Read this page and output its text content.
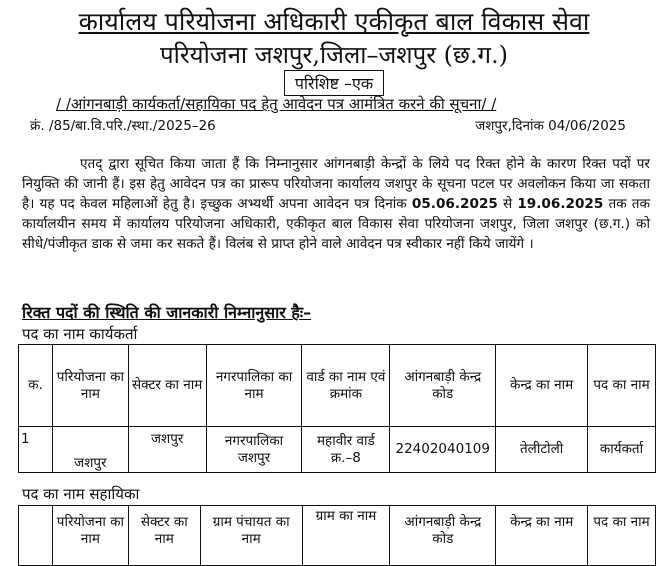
कार्यालय परियोजना अधिकारी एकीकृत बाल विकास सेवा
परियोजना जशपुर,जिला–जशपुर (छ.ग.)
परिशिष्ट –एक
/ /आंगनबाड़ी कार्यकर्ता/सहायिका पद हेतु आवेदन पत्र आमंत्रित करने की सूचना/ /
क्रं. /85/बा.वि.परि./स्था./2025–26	जशपुर,दिनांक 04/06/2025

एतद् द्वारा सूचित किया जाता हैं कि निम्नानुसार आंगनबाड़ी केन्द्रों के लिये पद रिक्त होने के कारण रिक्त पदों पर नियुक्ति की जानी हैं। इस हेतु आवेदन पत्र का प्रारूप परियोजना कार्यालय जशपुर के सूचना पटल पर अवलोकन किया जा सकता है। यह पद केवल महिलाओं हेतु है। इच्छुक अभ्यर्थी अपना आवेदन पत्र दिनांक 05.06.2025 से 19.06.2025 तक तक कार्यालयीन समय में कार्यालय परियोजना अधिकारी, एकीकृत बाल विकास सेवा परियोजना जशपुर, जिला जशपुर (छ.ग.) को सीधे/पंजीकृत डाक से जमा कर सकते हैं। विलंब से प्राप्त होने वाले आवेदन पत्र स्वीकार नहीं किये जायेंगे ।

रिक्त पदों की स्थिति की जानकारी निम्नानुसार हैः–
पद का नाम कार्यकर्ता
क.	परियोजना का नाम	सेक्टर का नाम	नगरपालिका का नाम	वार्ड का नाम एवं क्रमांक	आंगनबाड़ी केन्द्र कोड	केन्द्र का नाम	पद का नाम
1	जशपुर	जशपुर	नगरपालिका जशपुर	महावीर वार्ड क्र.–8	22402040109	तेलीटोली	कार्यकर्ता
पद का नाम सहायिका
	परियोजना का नाम	सेक्टर का नाम	ग्राम पंचायत का नाम	ग्राम का नाम	आंगनबाड़ी केन्द्र कोड	केन्द्र का नाम	पद का नाम
